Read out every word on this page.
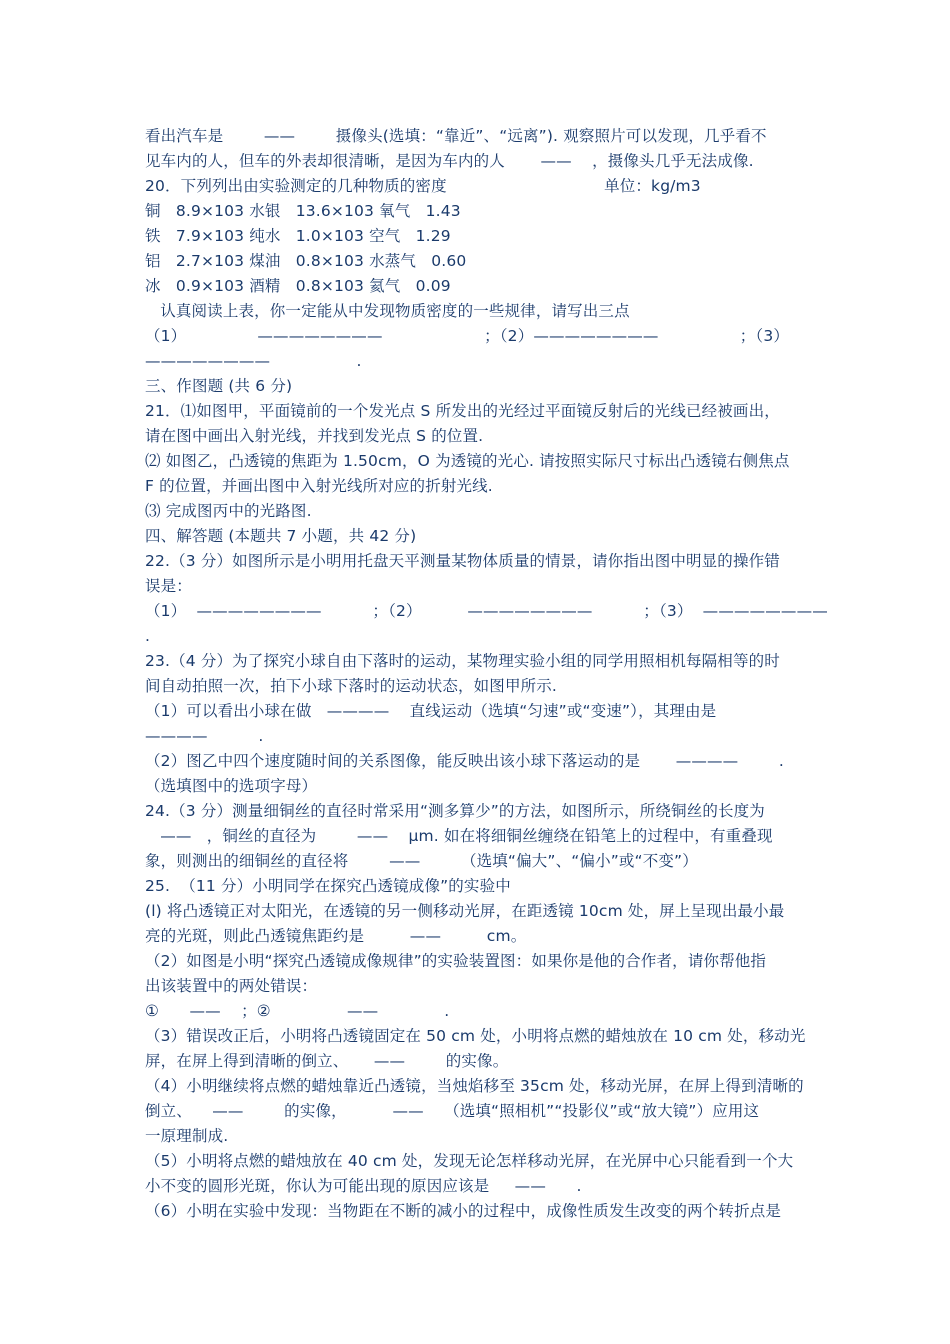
看出汽车是        ——        摄像头(选填：“靠近”、“远离”). 观察照片可以发现，几乎看不
见车内的人，但车的外表却很清晰，是因为车内的人       ——    ，摄像头几乎无法成像.
20．下列列出由实验测定的几种物质的密度                               单位：kg/m3
铜   8.9×103 水银   13.6×103 氧气   1.43
铁   7.9×103 纯水   1.0×103 空气   1.29
铝   2.7×103 煤油   0.8×103 水蒸气   0.60
冰   0.9×103 酒精   0.8×103 氦气   0.09
认真阅读上表，你一定能从中发现物质密度的一些规律，请写出三点
（1）              ————————                    ；（2）————————                ；（3）
————————                 .
三、作图题 (共 6 分)
21．⑴如图甲，平面镜前的一个发光点 S 所发出的光经过平面镜反射后的光线已经被画出，
请在图中画出入射光线，并找到发光点 S 的位置.
⑵ 如图乙，凸透镜的焦距为 1.50cm，O 为透镜的光心. 请按照实际尺寸标出凸透镜右侧焦点
F 的位置，并画出图中入射光线所对应的折射光线.
⑶ 完成图丙中的光路图.
四、解答题 (本题共 7 小题，共 42 分)
22.（3 分）如图所示是小明用托盘天平测量某物体质量的情景，请你指出图中明显的操作错
误是：
（1）  ————————          ；（2）         ————————          ；（3）  ————————
.
23.（4 分）为了探究小球自由下落时的运动，某物理实验小组的同学用照相机每隔相等的时
间自动拍照一次，拍下小球下落时的运动状态，如图甲所示.
（1）可以看出小球在做   ————    直线运动（选填“匀速”或“变速”），其理由是
————          .
（2）图乙中四个速度随时间的关系图像，能反映出该小球下落运动的是       ————        .
（选填图中的选项字母）
24.（3 分）测量细铜丝的直径时常采用“测多算少”的方法，如图所示，所绕铜丝的长度为
——   ，铜丝的直径为        ——    μm. 如在将细铜丝缠绕在铅笔上的过程中，有重叠现
象，则测出的细铜丝的直径将        ——        （选填“偏大”、“偏小”或“不变”）
25.  （11 分）小明同学在探究凸透镜成像”的实验中
(l) 将凸透镜正对太阳光，在透镜的另一侧移动光屏，在距透镜 10cm 处，屏上呈现出最小最
亮的光斑，则此凸透镜焦距约是         ——         cm。
（2）如图是小明“探究凸透镜成像规律”的实验装置图：如果你是他的合作者，请你帮他指
出该装置中的两处错误：
①      ——    ；②               ——             .
（3）错误改正后，小明将凸透镜固定在 50 cm 处，小明将点燃的蜡烛放在 10 cm 处，移动光
屏，在屏上得到清晰的倒立、     ——        的实像。
（4）小明继续将点燃的蜡烛靠近凸透镜，当烛焰移至 35cm 处，移动光屏，在屏上得到清晰的
倒立、    ——        的实像，         ——    （选填“照相机”“投影仪”或“放大镜”）应用这
一原理制成.
（5）小明将点燃的蜡烛放在 40 cm 处，发现无论怎样移动光屏，在光屏中心只能看到一个大
小不变的圆形光斑，你认为可能出现的原因应该是     ——      .
（6）小明在实验中发现：当物距在不断的减小的过程中，成像性质发生改变的两个转折点是
